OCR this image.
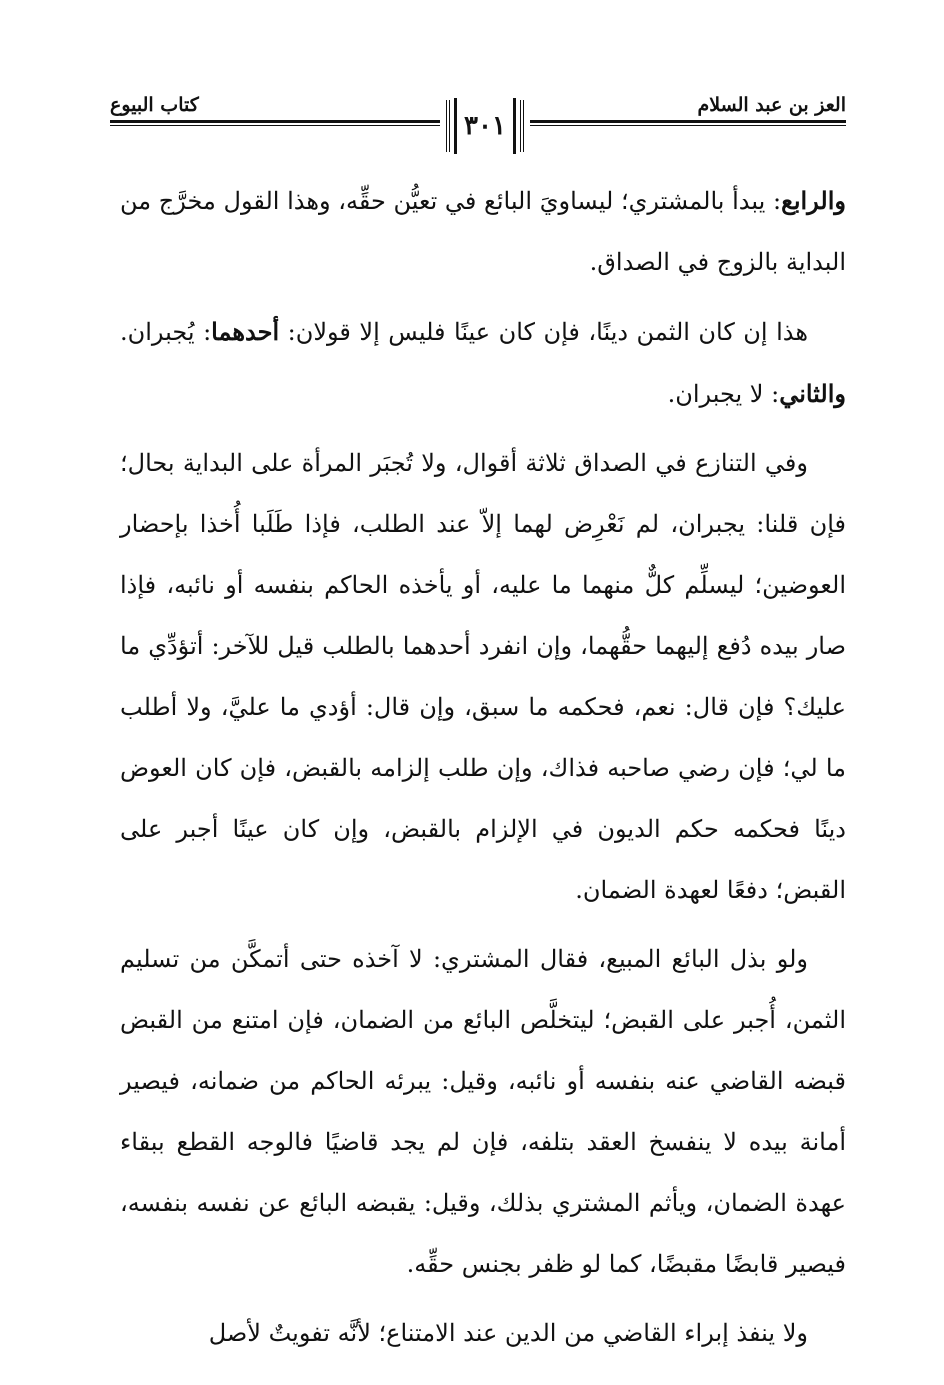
العز بن عبد السلام
كتاب البيوع
٣٠١

والرابع: يبدأ بالمشتري؛ ليساويَ البائع في تعيُّن حقِّه، وهذا القول مخرَّج من البداية بالزوج في الصداق.

هذا إن كان الثمن دينًا، فإن كان عينًا فليس إلا قولان: أحدهما: يُجبران. والثاني: لا يجبران.

وفي التنازع في الصداق ثلاثة أقوال، ولا تُجبَر المرأة على البداية بحال؛ فإن قلنا: يجبران، لم نَعْرِض لهما إلاّ عند الطلب، فإذا طَلَبا أُخذا بإحضار العوضين؛ ليسلِّم كلٌّ منهما ما عليه، أو يأخذه الحاكم بنفسه أو نائبه، فإذا صار بيده دُفع إليهما حقُّهما، وإن انفرد أحدهما بالطلب قيل للآخر: أتؤدِّي ما عليك؟ فإن قال: نعم، فحكمه ما سبق، وإن قال: أؤدي ما عليَّ، ولا أطلب ما لي؛ فإن رضي صاحبه فذاك، وإن طلب إلزامه بالقبض، فإن كان العوض دينًا فحكمه حكم الديون في الإلزام بالقبض، وإن كان عينًا أجبر على القبض؛ دفعًا لعهدة الضمان.

ولو بذل البائع المبيع، فقال المشتري: لا آخذه حتى أتمكَّن من تسليم الثمن، أُجبر على القبض؛ ليتخلَّص البائع من الضمان، فإن امتنع من القبض قبضه القاضي عنه بنفسه أو نائبه، وقيل: يبرئه الحاكم من ضمانه، فيصير أمانة بيده لا ينفسخ العقد بتلفه، فإن لم يجد قاضيًا فالوجه القطع ببقاء عهدة الضمان، ويأثم المشتري بذلك، وقيل: يقبضه البائع عن نفسه بنفسه، فيصير قابضًا مقبضًا، كما لو ظفر بجنس حقِّه.

ولا ينفذ إبراء القاضي من الدين عند الامتناع؛ لأنَّه تفويتٌ لأصل
